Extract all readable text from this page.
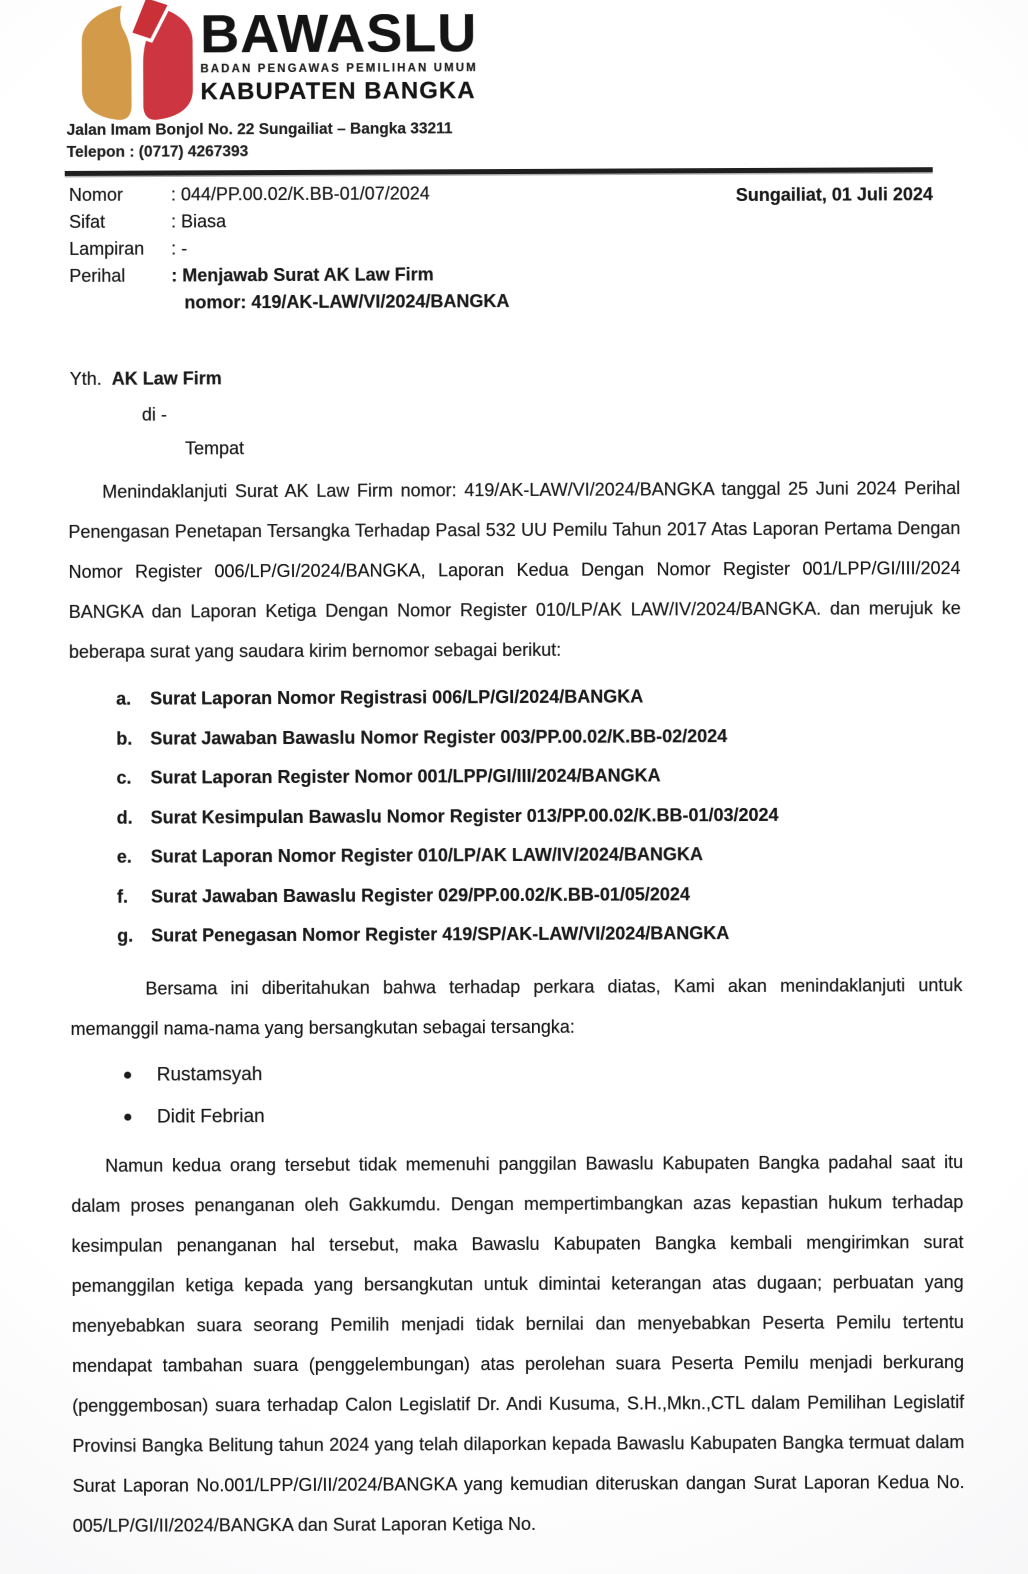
BAWASLU
BADAN PENGAWAS PEMILIHAN UMUM
KABUPATEN BANGKA
Jalan Imam Bonjol No. 22 Sungailiat – Bangka 33211
Telepon : (0717) 4267393
Nomor	: 044/PP.00.02/K.BB-01/07/2024
Sifat	: Biasa
Lampiran	: -
Perihal	: Menjawab Surat AK Law Firm
nomor: 419/AK-LAW/VI/2024/BANGKA
Sungailiat, 01 Juli 2024
Yth. AK Law Firm
di -
Tempat

Menindaklanjuti Surat AK Law Firm nomor: 419/AK-LAW/VI/2024/BANGKA tanggal 25 Juni 2024 Perihal Penengasan Penetapan Tersangka Terhadap Pasal 532 UU Pemilu Tahun 2017 Atas Laporan Pertama Dengan Nomor Register 006/LP/GI/2024/BANGKA, Laporan Kedua Dengan Nomor Register 001/LPP/GI/III/2024 BANGKA dan Laporan Ketiga Dengan Nomor Register 010/LP/AK LAW/IV/2024/BANGKA. dan merujuk ke beberapa surat yang saudara kirim bernomor sebagai berikut:

a.	Surat Laporan Nomor Registrasi 006/LP/GI/2024/BANGKA
b. Surat Jawaban Bawaslu Nomor Register 003/PP.00.02/K.BB-02/2024
c.	Surat Laporan Register Nomor 001/LPP/GI/III/2024/BANGKA
d. Surat Kesimpulan Bawaslu Nomor Register 013/PP.00.02/K.BB-01/03/2024
e.	Surat Laporan Nomor Register 010/LP/AK LAW/IV/2024/BANGKA
f.	Surat Jawaban Bawaslu Register 029/PP.00.02/K.BB-01/05/2024
g. Surat Penegasan Nomor Register 419/SP/AK-LAW/VI/2024/BANGKA

Bersama ini diberitahukan bahwa terhadap perkara diatas, Kami akan menindaklanjuti untuk memanggil nama-nama yang bersangkutan sebagai tersangka:

●	Rustamsyah
●	Didit Febrian

Namun kedua orang tersebut tidak memenuhi panggilan Bawaslu Kabupaten Bangka padahal saat itu dalam proses penanganan oleh Gakkumdu. Dengan mempertimbangkan azas kepastian hukum terhadap kesimpulan penanganan hal tersebut, maka Bawaslu Kabupaten Bangka kembali mengirimkan surat pemanggilan ketiga kepada yang bersangkutan untuk dimintai keterangan atas dugaan; perbuatan yang menyebabkan suara seorang Pemilih menjadi tidak bernilai dan menyebabkan Peserta Pemilu tertentu mendapat tambahan suara (penggelembungan) atas perolehan suara Peserta Pemilu menjadi berkurang (penggembosan) suara terhadap Calon Legislatif Dr. Andi Kusuma, S.H.,Mkn.,CTL dalam Pemilihan Legislatif Provinsi Bangka Belitung tahun 2024 yang telah dilaporkan kepada Bawaslu Kabupaten Bangka termuat dalam Surat Laporan No.001/LPP/GI/II/2024/BANGKA yang kemudian diteruskan dangan Surat Laporan Kedua No. 005/LP/GI/II/2024/BANGKA dan Surat Laporan Ketiga No.
